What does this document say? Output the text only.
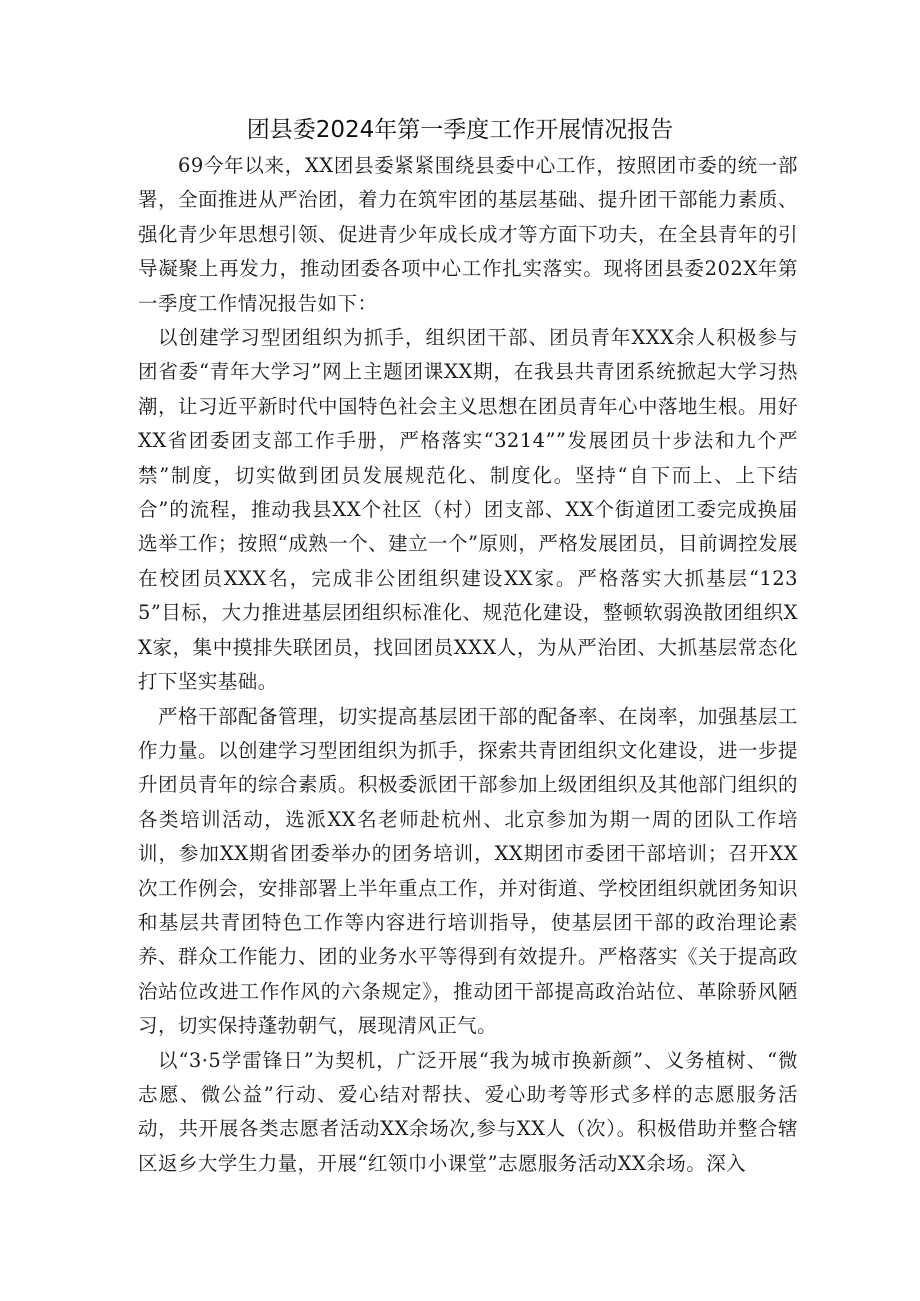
团县委2024年第一季度工作开展情况报告

69今年以来，XX团县委紧紧围绕县委中心工作，按照团市委的统一部署，全面推进从严治团，着力在筑牢团的基层基础、提升团干部能力素质、强化青少年思想引领、促进青少年成长成才等方面下功夫，在全县青年的引导凝聚上再发力，推动团委各项中心工作扎实落实。现将团县委202X年第一季度工作情况报告如下：

以创建学习型团组织为抓手，组织团干部、团员青年XXX余人积极参与团省委“青年大学习”网上主题团课XX期，在我县共青团系统掀起大学习热潮，让习近平新时代中国特色社会主义思想在团员青年心中落地生根。用好XX省团委团支部工作手册，严格落实“3214””发展团员十步法和九个严禁”制度，切实做到团员发展规范化、制度化。坚持“自下而上、上下结合”的流程，推动我县XX个社区（村）团支部、XX个街道团工委完成换届选举工作；按照“成熟一个、建立一个”原则，严格发展团员，目前调控发展在校团员XXX名，完成非公团组织建设XX家。严格落实大抓基层“1235”目标，大力推进基层团组织标准化、规范化建设，整顿软弱涣散团组织XX家，集中摸排失联团员，找回团员XXX人，为从严治团、大抓基层常态化打下坚实基础。

严格干部配备管理，切实提高基层团干部的配备率、在岗率，加强基层工作力量。以创建学习型团组织为抓手，探索共青团组织文化建设，进一步提升团员青年的综合素质。积极委派团干部参加上级团组织及其他部门组织的各类培训活动，选派XX名老师赴杭州、北京参加为期一周的团队工作培训，参加XX期省团委举办的团务培训，XX期团市委团干部培训；召开XX次工作例会，安排部署上半年重点工作，并对街道、学校团组织就团务知识和基层共青团特色工作等内容进行培训指导，使基层团干部的政治理论素养、群众工作能力、团的业务水平等得到有效提升。严格落实《关于提高政治站位改进工作作风的六条规定》，推动团干部提高政治站位、革除骄风陋习，切实保持蓬勃朝气，展现清风正气。

以“3·5学雷锋日”为契机，广泛开展“我为城市换新颜”、义务植树、“微志愿、微公益”行动、爱心结对帮扶、爱心助考等形式多样的志愿服务活动，共开展各类志愿者活动XX余场次,参与XX人（次）。积极借助并整合辖区返乡大学生力量，开展“红领巾小课堂”志愿服务活动XX余场。深入
